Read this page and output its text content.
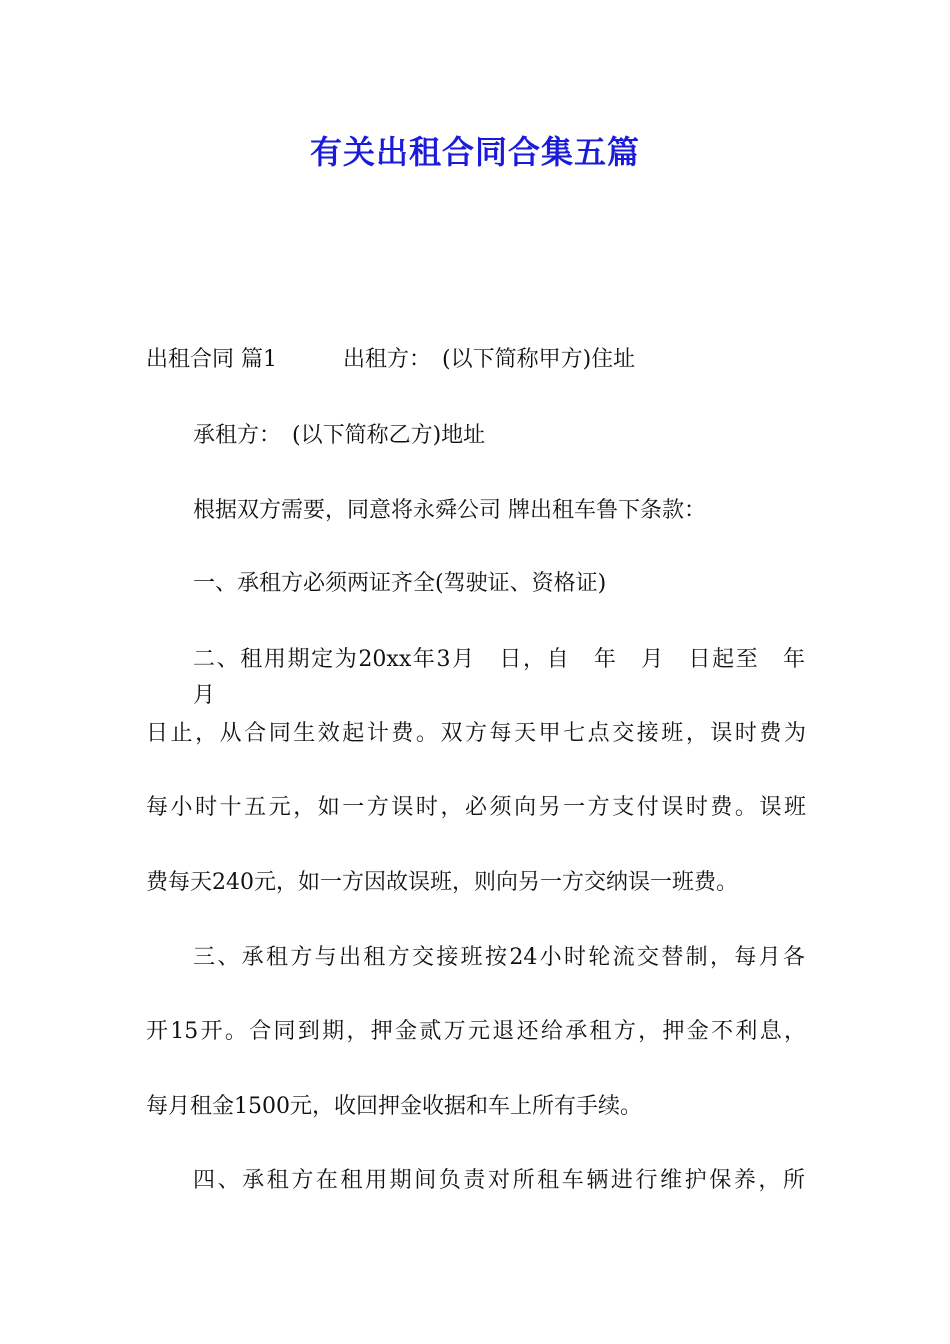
有关出租合同合集五篇
出租合同 篇1　　　出租方：　(以下简称甲方)住址
承租方：　(以下简称乙方)地址
根据双方需要，同意将永舜公司 牌出租车鲁下条款：
一、承租方必须两证齐全(驾驶证、资格证)
二、租用期定为20xx年3月　日，自　年　月　日起至　年　月
日止，从合同生效起计费。双方每天甲七点交接班，误时费为
每小时十五元，如一方误时，必须向另一方支付误时费。误班
费每天240元，如一方因故误班，则向另一方交纳误一班费。
三、承租方与出租方交接班按24小时轮流交替制，每月各
开15开。合同到期，押金贰万元退还给承租方，押金不利息，
每月租金1500元，收回押金收据和车上所有手续。
四、承租方在租用期间负责对所租车辆进行维护保养，所
